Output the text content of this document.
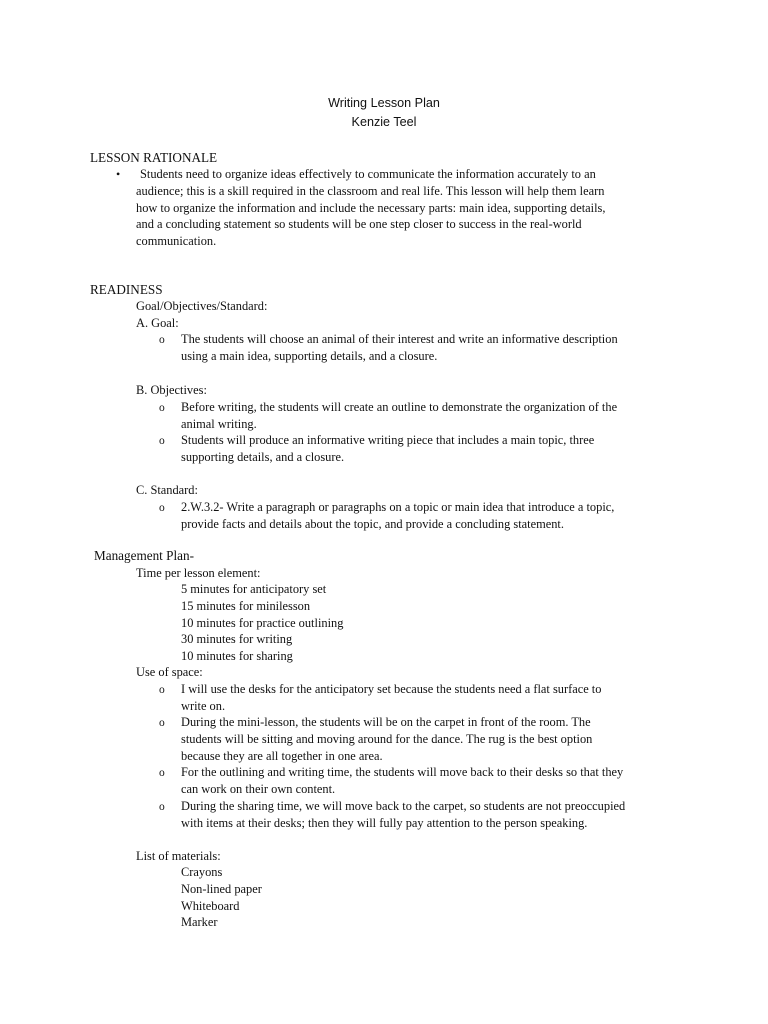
Writing Lesson Plan
Kenzie Teel
LESSON RATIONALE
•	Students need to organize ideas effectively to communicate the information accurately to an
audience; this is a skill required in the classroom and real life. This lesson will help them learn
how to organize the information and include the necessary parts: main idea, supporting details,
and a concluding statement so students will be one step closer to success in the real-world
communication.
READINESS
Goal/Objectives/Standard:
A. Goal:
o The students will choose an animal of their interest and write an informative description
using a main idea, supporting details, and a closure.
B. Objectives:
o Before writing, the students will create an outline to demonstrate the organization of the
animal writing.
o Students will produce an informative writing piece that includes a main topic, three
supporting details, and a closure.
C. Standard:
o 2.W.3.2- Write a paragraph or paragraphs on a topic or main idea that introduce a topic,
provide facts and details about the topic, and provide a concluding statement.
Management Plan-
Time per lesson element:
5 minutes for anticipatory set
15 minutes for minilesson
10 minutes for practice outlining
30 minutes for writing
10 minutes for sharing
Use of space:
o I will use the desks for the anticipatory set because the students need a flat surface to
write on.
o During the mini-lesson, the students will be on the carpet in front of the room. The
students will be sitting and moving around for the dance. The rug is the best option
because they are all together in one area.
o For the outlining and writing time, the students will move back to their desks so that they
can work on their own content.
o During the sharing time, we will move back to the carpet, so students are not preoccupied
with items at their desks; then they will fully pay attention to the person speaking.
List of materials:
Crayons
Non-lined paper
Whiteboard
Marker
